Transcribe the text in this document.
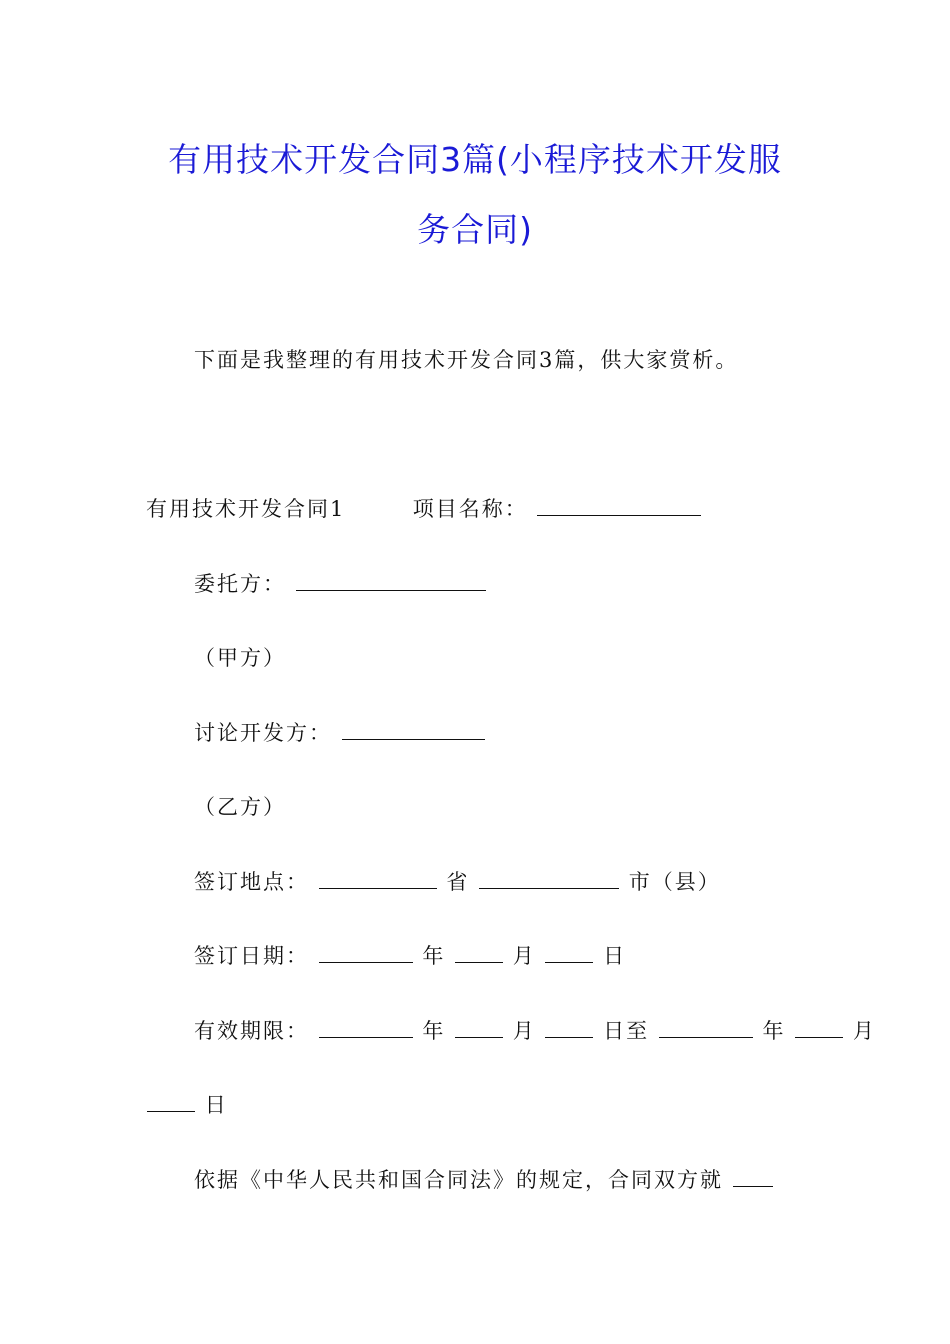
有用技术开发合同3篇(小程序技术开发服
务合同)
下面是我整理的有用技术开发合同3篇，供大家赏析。
有用技术开发合同1	项目名称：
委托方：
（甲方）
讨论开发方：
（乙方）
签订地点：	省	市（县）
签订日期：	年	月	日
有效期限：	年	月	日至	年	月
日
依据《中华人民共和国合同法》的规定，合同双方就
